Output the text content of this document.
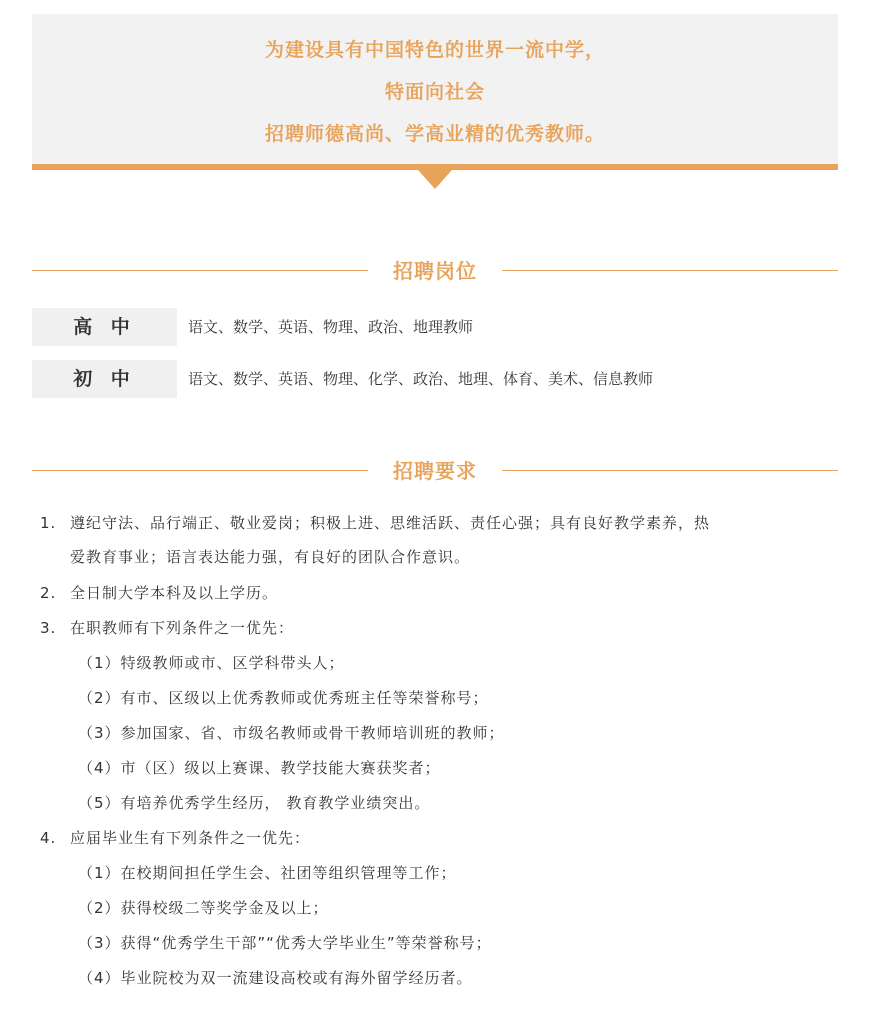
为建设具有中国特色的世界一流中学，
特面向社会
招聘师德高尚、学高业精的优秀教师。
招聘岗位
高 中	语文、数学、英语、物理、政治、地理教师
初 中	语文、数学、英语、物理、化学、政治、地理、体育、美术、信息教师
招聘要求
1. 遵纪守法、品行端正、敬业爱岗；积极上进、思维活跃、责任心强；具有良好教学素养，热
爱教育事业；语言表达能力强，有良好的团队合作意识。
2. 全日制大学本科及以上学历。
3. 在职教师有下列条件之一优先：
（1）特级教师或市、区学科带头人；
（2）有市、区级以上优秀教师或优秀班主任等荣誉称号；
（3）参加国家、省、市级名教师或骨干教师培训班的教师；
（4）市（区）级以上赛课、教学技能大赛获奖者；
（5）有培养优秀学生经历， 教育教学业绩突出。
4. 应届毕业生有下列条件之一优先：
（1）在校期间担任学生会、社团等组织管理等工作；
（2）获得校级二等奖学金及以上；
（3）获得“优秀学生干部”“优秀大学毕业生”等荣誉称号；
（4）毕业院校为双一流建设高校或有海外留学经历者。
